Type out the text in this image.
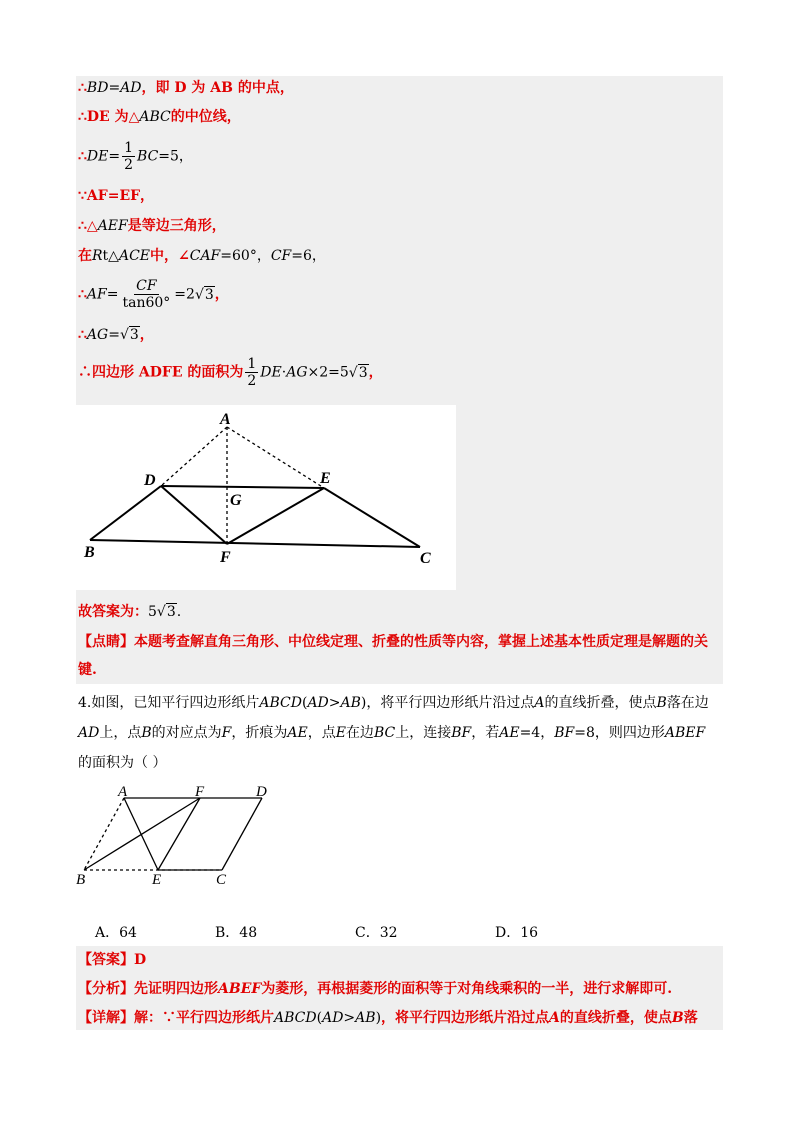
∴BD=AD，即 D 为 AB 的中点，
∴DE 为△ABC的中位线，
∴DE= $\frac{1}{2} BC=5$，
∵AF=EF，
∴△AEF是等边三角形，
在Rt△ACE中，∠CAF=60°，CF=6，
∴AF= $\frac{CF}{\tan 60^\circ} =2√3$，
∴AG=√3，
∴四边形 ADFE 的面积为 $\frac{1}{2} DE\cdot AG\times 2=5√3$，
A
D
G
E
B	F	C
故答案为：5√3.
【点睛】本题考查解直角三角形、中位线定理、折叠的性质等内容，掌握上述基本性质定理是解题的关
键.
4.如图，已知平行四边形纸片ABCD(AD>AB)，将平行四边形纸片沿过点A的直线折叠，使点B落在边
AD上，点B的对应点为F，折痕为AE，点E在边BC上，连接BF，若AE=4，BF=8，则四边形ABEF
的面积为（ ）
A	F	D
B	E	C
A．64	B．48	C．32	D．16
【答案】D
【分析】先证明四边形ABEF为菱形，再根据菱形的面积等于对角线乘积的一半，进行求解即可.
【详解】解：∵平行四边形纸片ABCD(AD>AB)，将平行四边形纸片沿过点A的直线折叠，使点B落
